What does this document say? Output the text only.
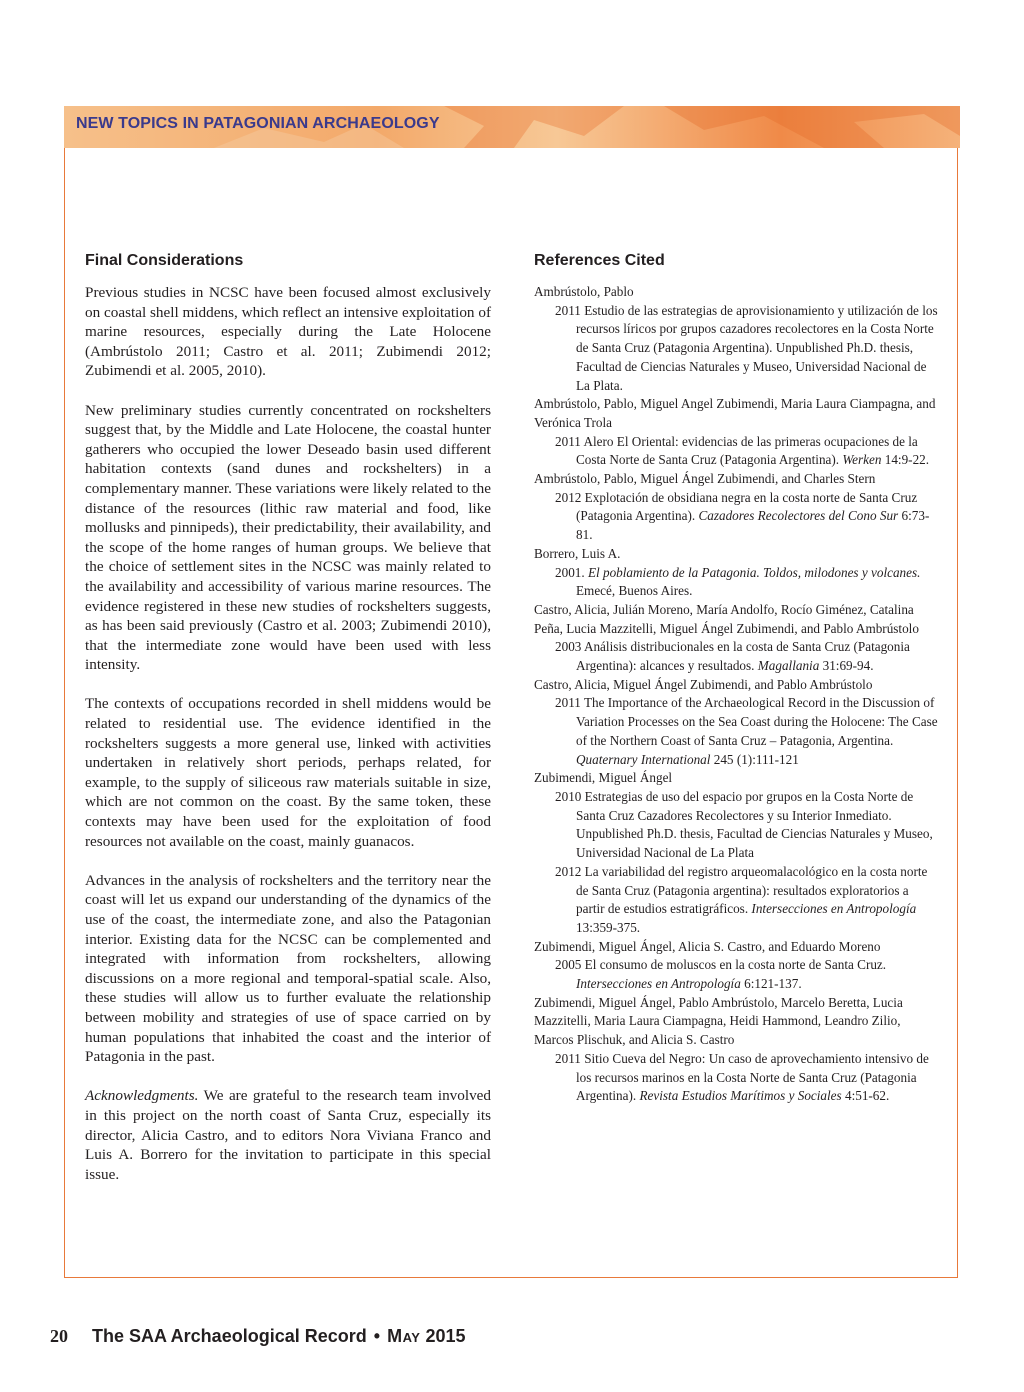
NEW TOPICS IN PATAGONIAN ARCHAEOLOGY
Final Considerations

Previous studies in NCSC have been focused almost exclusively on coastal shell middens, which reflect an intensive exploitation of marine resources, especially during the Late Holocene (Ambrústolo 2011; Castro et al. 2011; Zubimendi 2012; Zubimendi et al. 2005, 2010).

New preliminary studies currently concentrated on rockshelters suggest that, by the Middle and Late Holocene, the coastal hunter gatherers who occupied the lower Deseado basin used different habitation contexts (sand dunes and rockshelters) in a complementary manner. These variations were likely related to the distance of the resources (lithic raw material and food, like mollusks and pinnipeds), their predictability, their availability, and the scope of the home ranges of human groups. We believe that the choice of settlement sites in the NCSC was mainly related to the availability and accessibility of various marine resources. The evidence registered in these new studies of rockshelters suggests, as has been said previously (Castro et al. 2003; Zubimendi 2010), that the intermediate zone would have been used with less intensity.

The contexts of occupations recorded in shell middens would be related to residential use. The evidence identified in the rockshelters suggests a more general use, linked with activities undertaken in relatively short periods, perhaps related, for example, to the supply of siliceous raw materials suitable in size, which are not common on the coast. By the same token, these contexts may have been used for the exploitation of food resources not available on the coast, mainly guanacos.

Advances in the analysis of rockshelters and the territory near the coast will let us expand our understanding of the dynamics of the use of the coast, the intermediate zone, and also the Patagonian interior. Existing data for the NCSC can be complemented and integrated with information from rockshelters, allowing discussions on a more regional and temporal-spatial scale. Also, these studies will allow us to further evaluate the relationship between mobility and strategies of use of space carried on by human populations that inhabited the coast and the interior of Patagonia in the past.

Acknowledgments. We are grateful to the research team involved in this project on the north coast of Santa Cruz, especially its director, Alicia Castro, and to editors Nora Viviana Franco and Luis A. Borrero for the invitation to participate in this special issue.

References Cited

Ambrústolo, Pablo

2011 Estudio de las estrategias de aprovisionamiento y utilización de los recursos líricos por grupos cazadores recolectores en la Costa Norte de Santa Cruz (Patagonia Argentina). Unpublished Ph.D. thesis, Facultad de Ciencias Naturales y Museo, Universidad Nacional de La Plata.

Ambrústolo, Pablo, Miguel Angel Zubimendi, Maria Laura Ciampagna, and Verónica Trola

2011 Alero El Oriental: evidencias de las primeras ocupaciones de la Costa Norte de Santa Cruz (Patagonia Argentina). Werken 14:9-22.

Ambrústolo, Pablo, Miguel Ángel Zubimendi, and Charles Stern

2012 Explotación de obsidiana negra en la costa norte de Santa Cruz (Patagonia Argentina). Cazadores Recolectores del Cono Sur 6:73-81.

Borrero, Luis A.

2001. El poblamiento de la Patagonia. Toldos, milodones y volcanes. Emecé, Buenos Aires.

Castro, Alicia, Julián Moreno, María Andolfo, Rocío Giménez, Catalina Peña, Lucia Mazzitelli, Miguel Ángel Zubimendi, and Pablo Ambrústolo

2003 Análisis distribucionales en la costa de Santa Cruz (Patagonia Argentina): alcances y resultados. Magallania 31:69-94.

Castro, Alicia, Miguel Ángel Zubimendi, and Pablo Ambrústolo

2011 The Importance of the Archaeological Record in the Discussion of Variation Processes on the Sea Coast during the Holocene: The Case of the Northern Coast of Santa Cruz – Patagonia, Argentina. Quaternary International 245 (1):111-121

Zubimendi, Miguel Ángel

2010 Estrategias de uso del espacio por grupos en la Costa Norte de Santa Cruz Cazadores Recolectores y su Interior Inmediato. Unpublished Ph.D. thesis, Facultad de Ciencias Naturales y Museo, Universidad Nacional de La Plata

2012 La variabilidad del registro arqueomalacológico en la costa norte de Santa Cruz (Patagonia argentina): resultados exploratorios a partir de estudios estratigráficos. Intersecciones en Antropología 13:359-375.

Zubimendi, Miguel Ángel, Alicia S. Castro, and Eduardo Moreno

2005 El consumo de moluscos en la costa norte de Santa Cruz. Intersecciones en Antropología 6:121-137.

Zubimendi, Miguel Ángel, Pablo Ambrústolo, Marcelo Beretta, Lucia Mazzitelli, Maria Laura Ciampagna, Heidi Hammond, Leandro Zilio, Marcos Plischuk, and Alicia S. Castro

2011 Sitio Cueva del Negro: Un caso de aprovechamiento intensivo de los recursos marinos en la Costa Norte de Santa Cruz (Patagonia Argentina). Revista Estudios Marítimos y Sociales 4:51-62.

20 The SAA Archaeological Record • May 2015
